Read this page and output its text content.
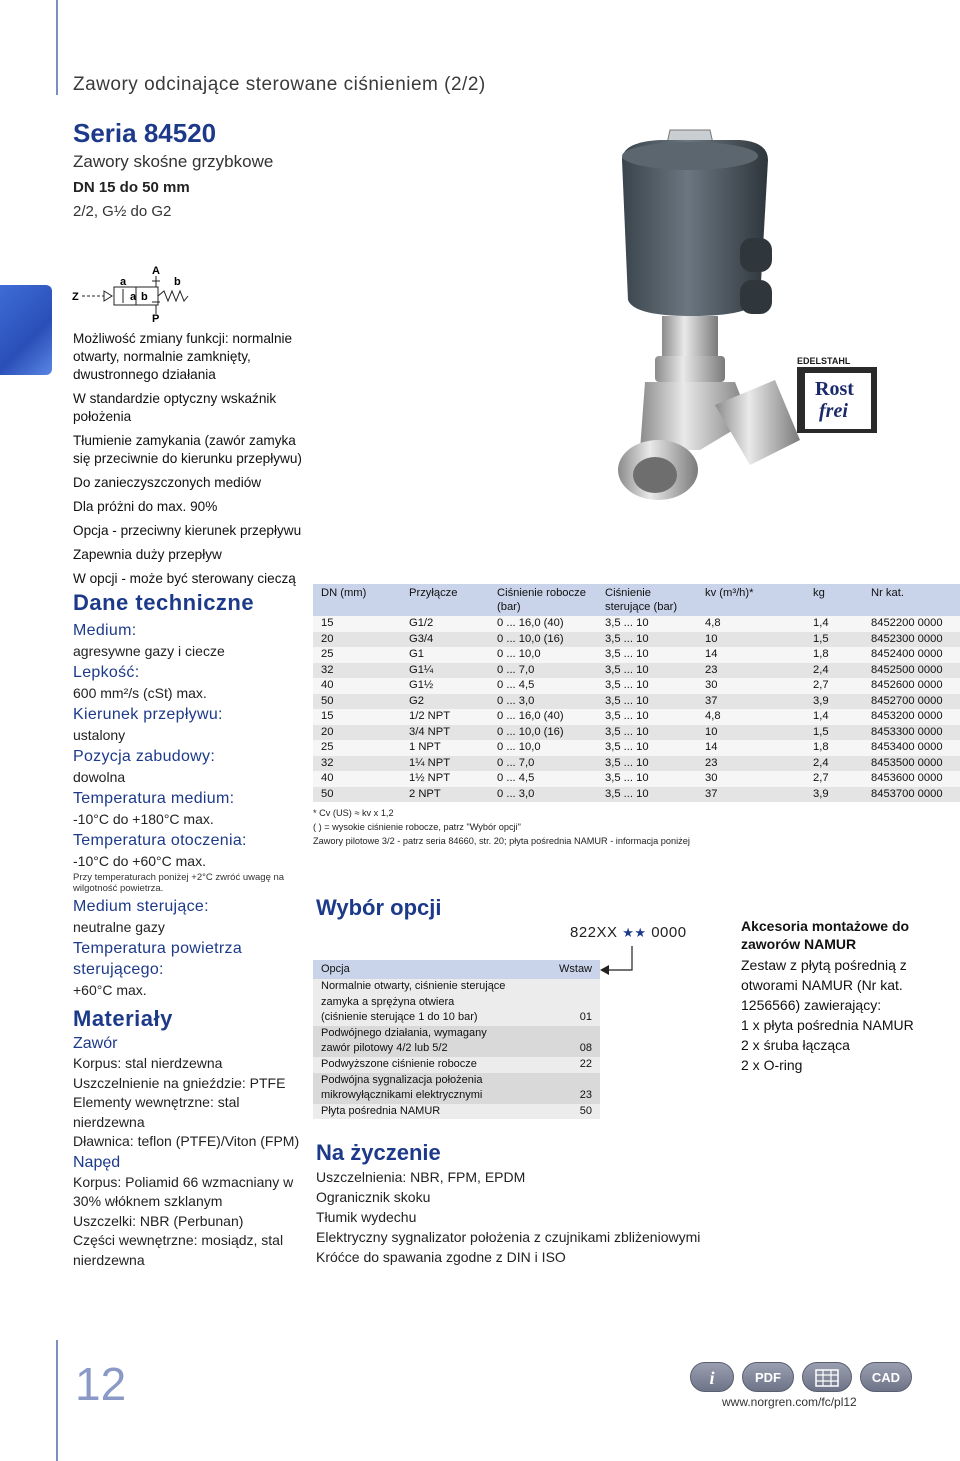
Zawory odcinające sterowane ciśnieniem (2/2)
Seria 84520
Zawory skośne grzybkowe
DN 15 do 50 mm
2/2, G½ do G2
Z
a
a b
A
P
b
Możliwość zmiany funkcji: normalnie otwarty, normalnie zamknięty, dwustronnego działania
W standardzie optyczny wskaźnik położenia
Tłumienie zamykania (zawór zamyka się przeciwnie do kierunku przepływu)
Do zanieczyszczonych mediów
Dla próżni do max. 90%
Opcja - przeciwny kierunek przepływu
Zapewnia duży przepływ
W opcji - może być sterowany cieczą
Dane techniczne
Medium:
agresywne gazy i ciecze
Lepkość:
600 mm²/s (cSt) max.
Kierunek przepływu:
ustalony
Pozycja zabudowy:
dowolna
Temperatura medium:
-10°C do +180°C max.
Temperatura otoczenia:
-10°C do +60°C max.
Przy temperaturach poniżej +2°C zwróć uwagę na wilgotność powietrza.
Medium sterujące:
neutralne gazy
Temperatura powietrza sterującego:
+60°C max.
Materiały
Zawór
Korpus: stal nierdzewna
Uszczelnienie na gnieździe: PTFE
Elementy wewnętrzne: stal nierdzewna
Dławnica: teflon (PTFE)/Viton (FPM)
Napęd
Korpus: Poliamid 66 wzmacniany w 30% włóknem szklanym
Uszczelki: NBR (Perbunan)
Części wewnętrzne: mosiądz, stal nierdzewna
EDELSTAHL
Rost
frei
DN (mm)	Przyłącze	Ciśnienie robocze (bar)	Ciśnienie sterujące (bar)	kv (m³/h)*	kg	Nr kat.
15	G1/2	0 ... 16,0 (40)	3,5 ... 10	4,8	1,4	8452200 0000
20	G3/4	0 ... 10,0 (16)	3,5 ... 10	10	1,5	8452300 0000
25	G1	0 ... 10,0	3,5 ... 10	14	1,8	8452400 0000
32	G1¼	0 ... 7,0	3,5 ... 10	23	2,4	8452500 0000
40	G1½	0 ... 4,5	3,5 ... 10	30	2,7	8452600 0000
50	G2	0 ... 3,0	3,5 ... 10	37	3,9	8452700 0000
15	1/2 NPT	0 ... 16,0 (40)	3,5 ... 10	4,8	1,4	8453200 0000
20	3/4 NPT	0 ... 10,0 (16)	3,5 ... 10	10	1,5	8453300 0000
25	1 NPT	0 ... 10,0	3,5 ... 10	14	1,8	8453400 0000
32	1¼ NPT	0 ... 7,0	3,5 ... 10	23	2,4	8453500 0000
40	1½ NPT	0 ... 4,5	3,5 ... 10	30	2,7	8453600 0000
50	2 NPT	0 ... 3,0	3,5 ... 10	37	3,9	8453700 0000
* Cv (US) ≈ kv x 1,2
( ) = wysokie ciśnienie robocze, patrz "Wybór opcji"
Zawory pilotowe 3/2 - patrz seria 84660, str. 20; płyta pośrednia NAMUR - informacja poniżej
Wybór opcji
822XX ★★ 0000
Opcja	Wstaw
Normalnie otwarty, ciśnienie sterujące	
zamyka a sprężyna otwiera	
(ciśnienie sterujące 1 do 10 bar)	01
Podwójnego działania, wymagany	
zawór pilotowy 4/2 lub 5/2	08
Podwyższone ciśnienie robocze	22
Podwójna sygnalizacja położenia	
mikrowyłącznikami elektrycznymi	23
Płyta pośrednia NAMUR	50
Akcesoria montażowe do zaworów NAMUR
Zestaw z płytą pośrednią z otworami NAMUR (Nr kat. 1256566) zawierający:
1 x płyta pośrednia NAMUR
2 x śruba łącząca
2 x O-ring
Na życzenie
Uszczelnienia: NBR, FPM, EPDM
Ogranicznik skoku
Tłumik wydechu
Elektryczny sygnalizator położenia z czujnikami zbliżeniowymi
Króćce do spawania zgodne z DIN i ISO
12	i	PDF	CAD
www.norgren.com/fc/pl12
